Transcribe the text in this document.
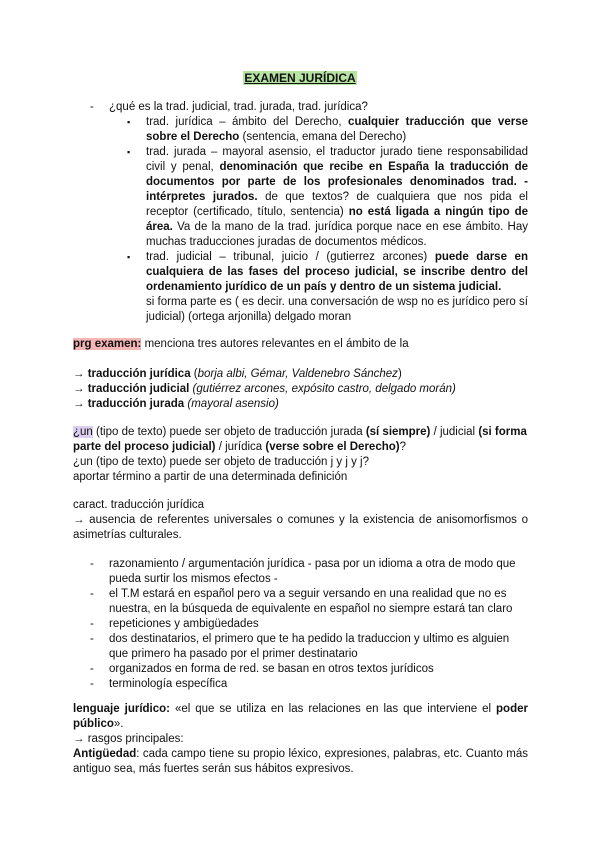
EXAMEN JURÍDICA
- ¿qué es la trad. judicial, trad. jurada, trad. jurídica?
▪ trad. jurídica – ámbito del Derecho, cualquier traducción que verse sobre el Derecho (sentencia, emana del Derecho)
▪ trad. jurada – mayoral asensio, el traductor jurado tiene responsabilidad civil y penal, denominación que recibe en España la traducción de documentos por parte de los profesionales denominados trad. - intérpretes jurados. de que textos? de cualquiera que nos pida el receptor (certificado, título, sentencia) no está ligada a ningún tipo de área. Va de la mano de la trad. jurídica porque nace en ese ámbito. Hay muchas traducciones juradas de documentos médicos.
▪ trad. judicial – tribunal, juicio / (gutierrez arcones) puede darse en cualquiera de las fases del proceso judicial, se inscribe dentro del ordenamiento jurídico de un país y dentro de un sistema judicial.
si forma parte es ( es decir. una conversación de wsp no es jurídico pero sí judicial) (ortega arjonilla) delgado moran

prg examen: menciona tres autores relevantes en el ámbito de la

→ traducción jurídica (borja albi, Gémar, Valdenebro Sánchez)

→ traducción judicial (gutiérrez arcones, expósito castro, delgado morán)

→ traducción jurada (mayoral asensio)

¿un (tipo de texto) puede ser objeto de traducción jurada (sí siempre) / judicial (si forma parte del proceso judicial) / jurídica (verse sobre el Derecho)?

¿un (tipo de texto) puede ser objeto de traducción j y j y j?

aportar término a partir de una determinada definición

caract. traducción jurídica

→ ausencia de referentes universales o comunes y la existencia de anisomorfismos o asimetrías culturales.

- razonamiento / argumentación jurídica - pasa por un idioma a otra de modo que pueda surtir los mismos efectos -
- el T.M estará en español pero va a seguir versando en una realidad que no es nuestra, en la búsqueda de equivalente en español no siempre estará tan claro
- repeticiones y ambigüedades
- dos destinatarios, el primero que te ha pedido la traduccion y ultimo es alguien que primero ha pasado por el primer destinatario
- organizados en forma de red. se basan en otros textos jurídicos
- terminología específica

lenguaje jurídico: «el que se utiliza en las relaciones en las que interviene el poder público».

→ rasgos principales:

Antigüedad: cada campo tiene su propio léxico, expresiones, palabras, etc. Cuanto más antiguo sea, más fuertes serán sus hábitos expresivos.
